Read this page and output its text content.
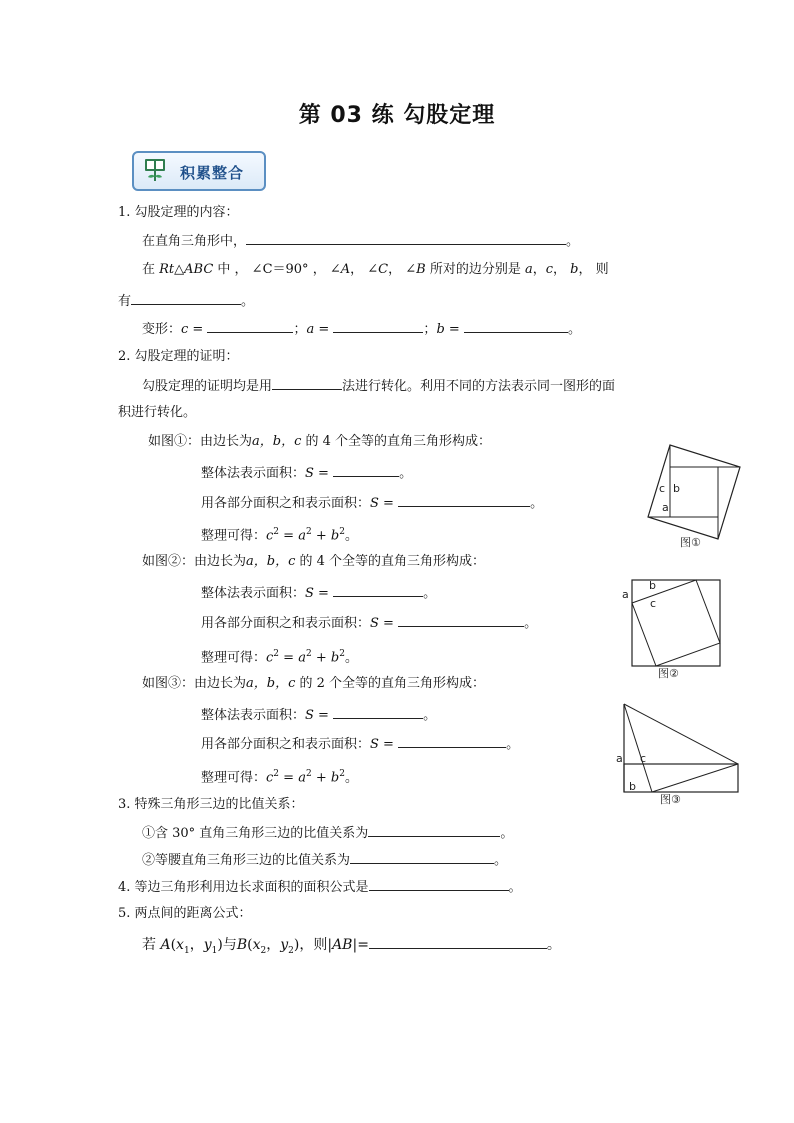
第 03 练 勾股定理
积累整合
1. 勾股定理的内容：
在直角三角形中，	。
在 Rt△ABC 中 ， ∠C＝90° ， ∠A， ∠C， ∠B 所对的边分别是 a，c， b， 则
有	。
变形：c =	；a =	；b =	。
2. 勾股定理的证明：
勾股定理的证明均是用	法进行转化。利用不同的方法表示同一图形的面
积进行转化。
如图①：由边长为a，b，c 的 4 个全等的直角三角形构成：
整体法表示面积：S =	。
用各部分面积之和表示面积：S =	。
整理可得：$c^2 = a^2 + b^2$。
如图②：由边长为a，b，c 的 4 个全等的直角三角形构成：
整体法表示面积：S =	。
用各部分面积之和表示面积：S =	。
整理可得：$c^2 = a^2 + b^2$。
如图③：由边长为a，b，c 的 2 个全等的直角三角形构成：
整体法表示面积：S =	。
用各部分面积之和表示面积：S =	。
整理可得：$c^2 = a^2 + b^2$。
c b
a
图①
a
b
c
图②
a c
b
图③
3. 特殊三角形三边的比值关系：
①含 30° 直角三角形三边的比值关系为	。
②等腰直角三角形三边的比值关系为	。
4. 等边三角形利用边长求面积的面积公式是	。
5. 两点间的距离公式：
若 $A(x_1$，$y_1$)与$B(x_2$，$y_2$)，则|AB|=	。
